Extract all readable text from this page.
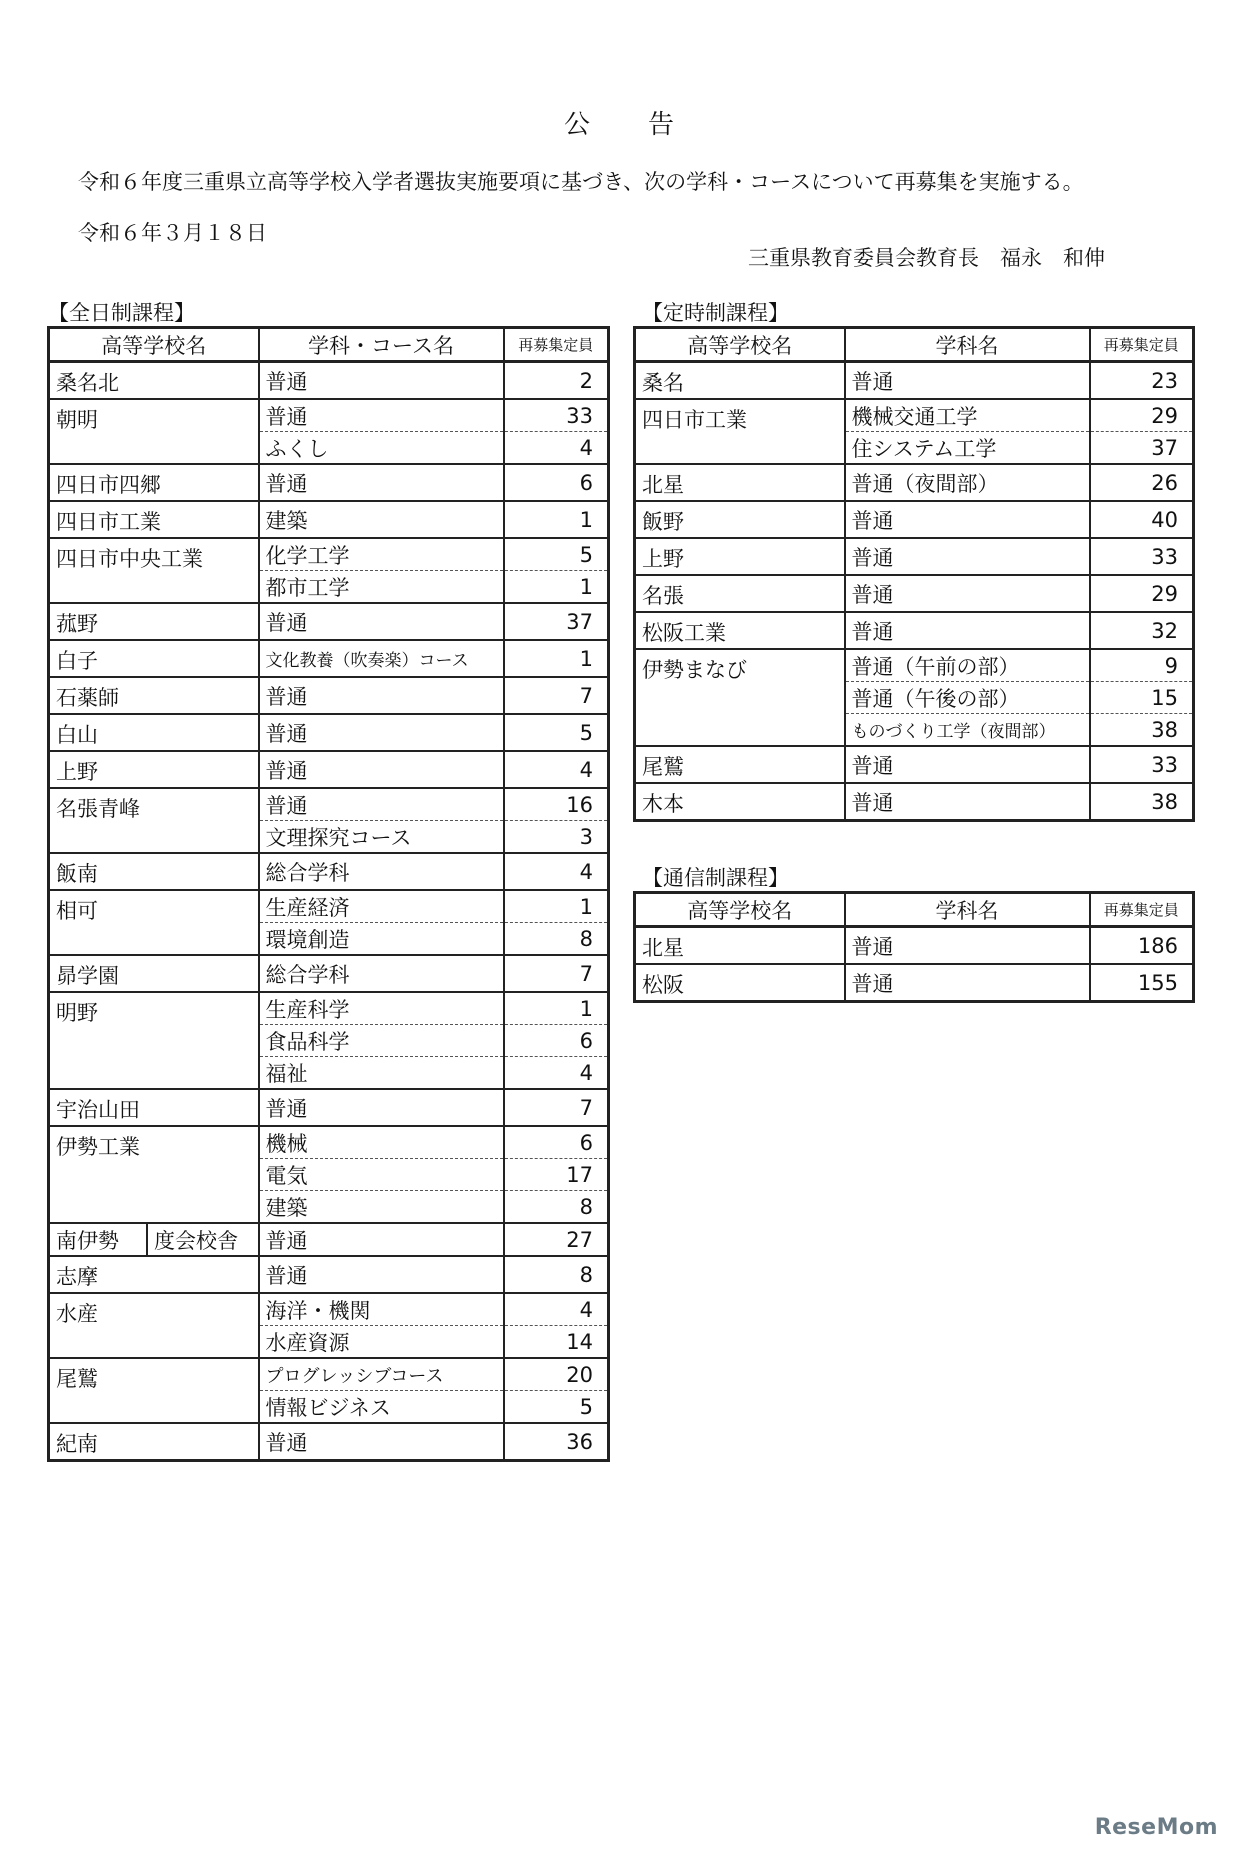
公　　告
令和６年度三重県立高等学校入学者選抜実施要項に基づき、次の学科・コースについて再募集を実施する。
令和６年３月１８日
三重県教育委員会教育長　福永　和伸
【全日制課程】	【定時制課程】
【通信制課程】
高等学校名	学科・コース名	再募集定員
桑名北	普通	2
朝明	普通	33
	ふくし	4
四日市四郷	普通	6
四日市工業	建築	1
四日市中央工業	化学工学	5
	都市工学	1
菰野	普通	37
白子	文化教養（吹奏楽）コース	1
石薬師	普通	7
白山	普通	5
上野	普通	4
名張青峰	普通	16
	文理探究コース	3
飯南	総合学科	4
相可	生産経済	1
	環境創造	8
昴学園	総合学科	7
明野	生産科学	1
	食品科学	6
	福祉	4
宇治山田	普通	7
伊勢工業	機械	6
	電気	17
	建築	8

南伊勢 度会校舎	普通	27
志摩	普通	8
水産	海洋・機関	4
	水産資源	14
尾鷲	プログレッシブコース	20
	情報ビジネス	5
紀南	普通	36
高等学校名	学科名	再募集定員
桑名	普通	23
四日市工業	機械交通工学	29
	住システム工学	37
北星	普通（夜間部）	26
飯野	普通	40
上野	普通	33
名張	普通	29
松阪工業	普通	32
伊勢まなび	普通（午前の部）	9
	普通（午後の部）	15
	ものづくり工学（夜間部）	38
尾鷲	普通	33
木本	普通	38
高等学校名	学科名	再募集定員
北星	普通	186
松阪	普通	155
ReseMom
